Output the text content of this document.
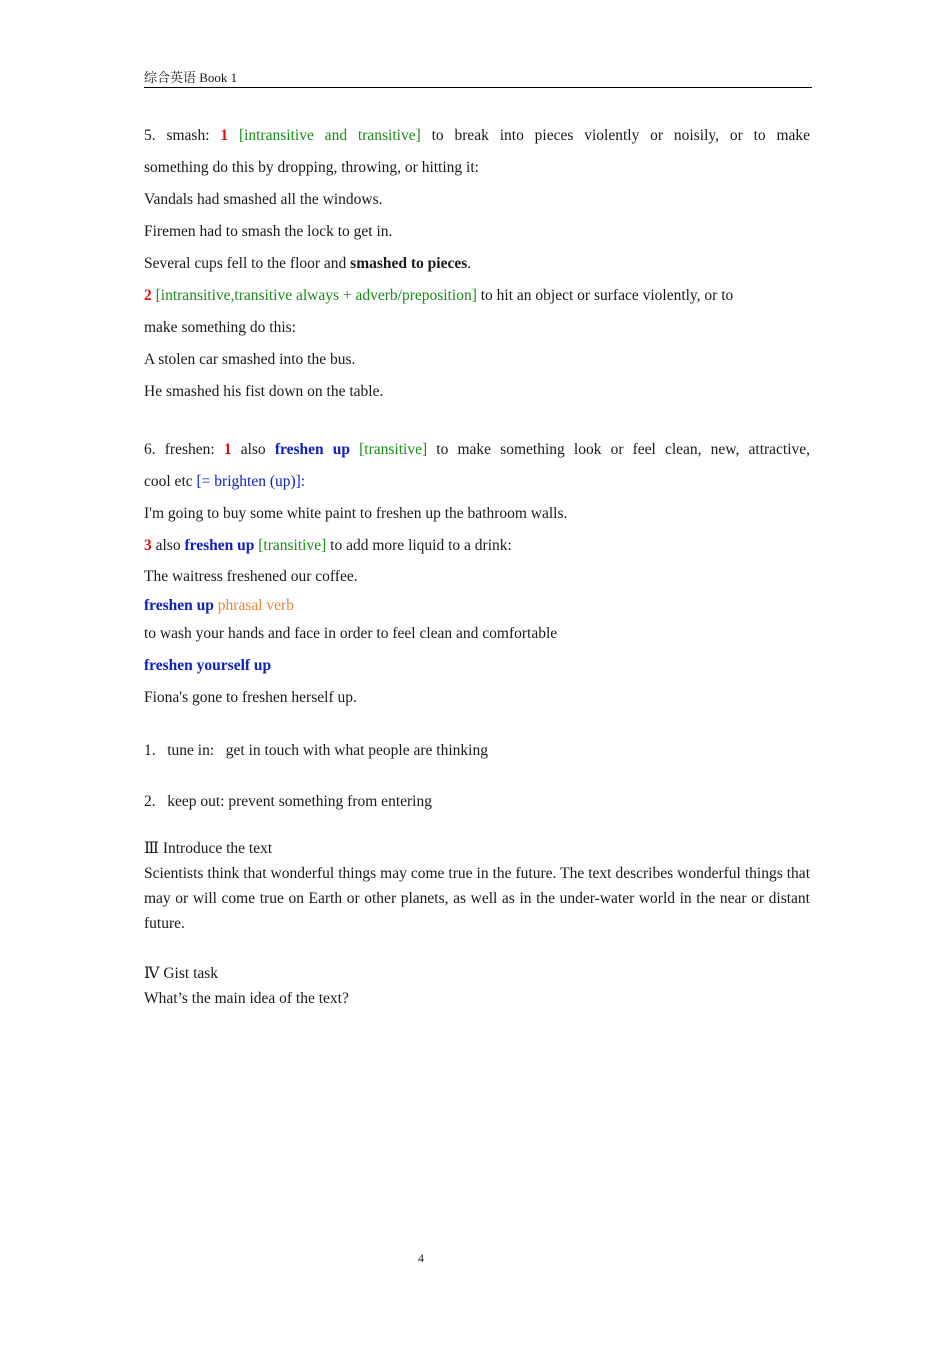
综合英语 Book 1
5. smash: 1 [intransitive and transitive] to break into pieces violently or noisily, or to make
something do this by dropping, throwing, or hitting it:
Vandals had smashed all the windows.
Firemen had to smash the lock to get in.
Several cups fell to the floor and smashed to pieces.
2 [intransitive,transitive always + adverb/preposition] to hit an object or surface violently, or to
make something do this:
A stolen car smashed into the bus.
He smashed his fist down on the table.
6. freshen: 1 also freshen up [transitive] to make something look or feel clean, new, attractive,
cool etc [= brighten (up)]:
I'm going to buy some white paint to freshen up the bathroom walls.
3 also freshen up [transitive] to add more liquid to a drink:
The waitress freshened our coffee.
freshen up phrasal verb
to wash your hands and face in order to feel clean and comfortable
freshen yourself up
Fiona's gone to freshen herself up.
1. tune in:   get in touch with what people are thinking
2. keep out: prevent something from entering
Ⅲ Introduce the text
Scientists think that wonderful things may come true in the future. The text describes wonderful things that may or will come true on Earth or other planets, as well as in the under-water world in the near or distant future.
Ⅳ Gist task
What’s the main idea of the text?
4
